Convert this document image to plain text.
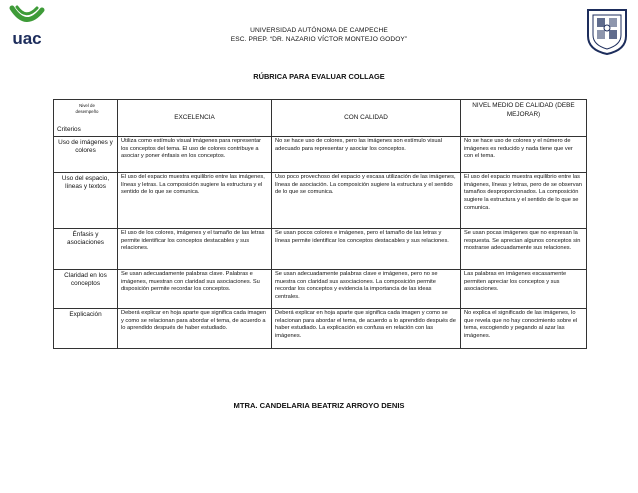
uac	UNIVERSIDAD AUTÓNOMA DE CAMPECHE
ESC. PREP. “DR. NAZARIO VÍCTOR MONTEJO GODOY”
RÚBRICA PARA EVALUAR COLLAGE
Nivel de desempeño
Criterios	EXCELENCIA	CON CALIDAD	NIVEL MEDIO DE CALIDAD (DEBE MEJORAR)
Uso de imágenes y colores	Utiliza como estímulo visual imágenes para representar los conceptos del tema. El uso de colores contribuye a asociar y poner énfasis en los conceptos.	No se hace uso de colores, pero las imágenes son estímulo visual adecuado para representar y asociar los conceptos.	No se hace uso de colores y el número de imágenes es reducido y nada tiene que ver con el tema.
Uso del espacio, líneas y textos	El uso del espacio muestra equilibrio entre las imágenes, líneas y letras. La composición sugiere la estructura y el sentido de lo que se comunica.	Uso poco provechoso del espacio y escasa utilización de las imágenes, líneas de asociación. La composición sugiere la estructura y el sentido de lo que se comunica.	El uso del espacio muestra equilibrio entre las imágenes, líneas y letras, pero de se observan tamaños desproporcionados. La composición sugiere la estructura y el sentido de lo que se comunica.
Énfasis y asociaciones	El uso de los colores, imágenes y el tamaño de las letras permite identificar los conceptos destacables y sus relaciones.	Se usan pocos colores e imágenes, pero el tamaño de las letras y líneas permite identificar los conceptos destacables y sus relaciones.	Se usan pocas imágenes que no expresan la respuesta. Se aprecian algunos conceptos sin mostrarse adecuadamente sus relaciones.
Claridad en los conceptos	Se usan adecuadamente palabras clave. Palabras e imágenes, muestran con claridad sus asociaciones. Su disposición permite recordar los conceptos.	Se usan adecuadamente palabras clave e imágenes, pero no se muestra con claridad sus asociaciones. La composición permite recordar los conceptos y evidencia la importancia de las ideas centrales.	Las palabras en imágenes escasamente permiten apreciar los conceptos y sus asociaciones.
Explicación	Deberá explicar en hoja aparte que significa cada imagen y como se relacionan para abordar el tema, de acuerdo a lo aprendido después de haber estudiado.	Deberá explicar en hoja aparte que significa cada imagen y como se relacionan para abordar el tema, de acuerdo a lo aprendido después de haber estudiado. La explicación es confusa en relación con las imágenes.	No explica el significado de las imágenes, lo que revela que no hay conocimiento sobre el tema, escogiendo y pegando al azar las imágenes.
MTRA. CANDELARIA BEATRIZ ARROYO DENIS
